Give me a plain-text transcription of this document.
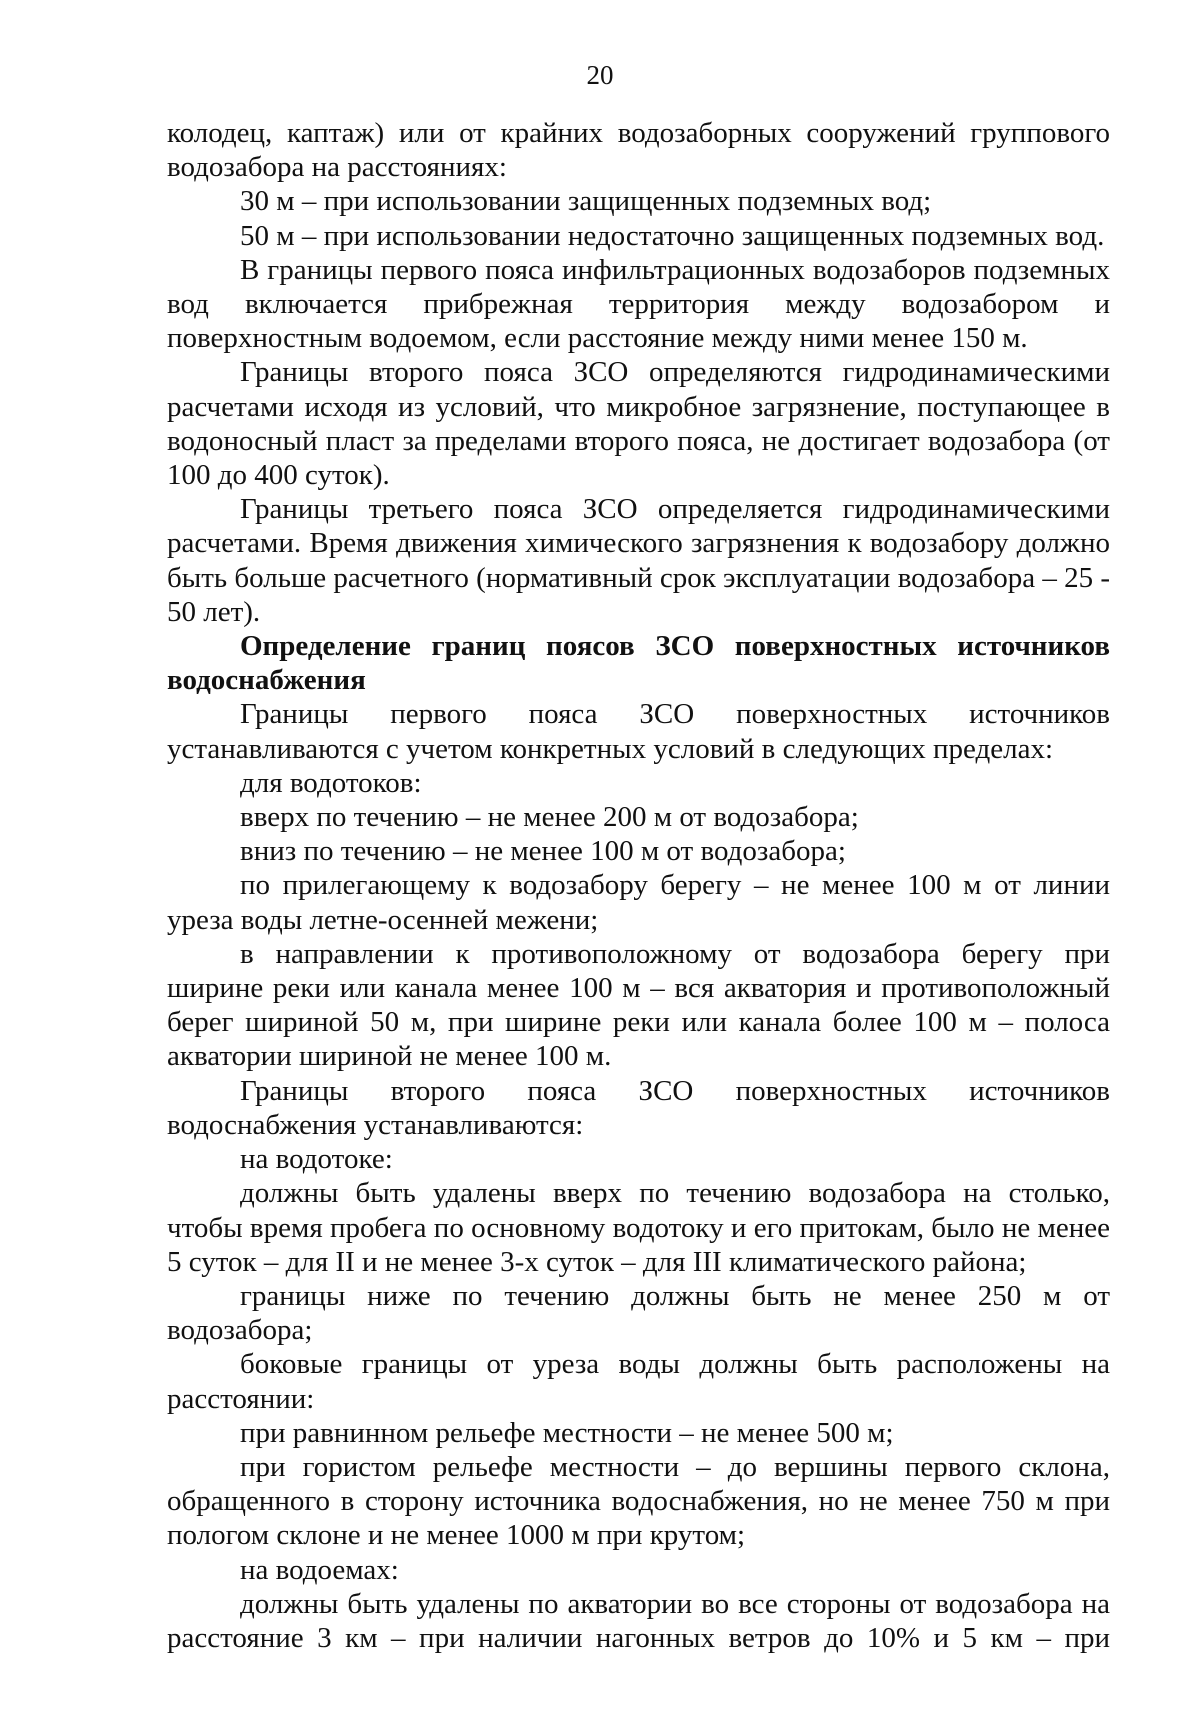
20

колодец, каптаж) или от крайних водозаборных сооружений группового водозабора на расстояниях:

30 м – при использовании защищенных подземных вод;

50 м – при использовании недостаточно защищенных подземных вод.

В границы первого пояса инфильтрационных водозаборов подземных вод включается прибрежная территория между водозабором и поверхностным водоемом, если расстояние между ними менее 150 м.

Границы второго пояса ЗСО определяются гидродинамическими расчетами исходя из условий, что микробное загрязнение, поступающее в водоносный пласт за пределами второго пояса, не достигает водозабора (от 100 до 400 суток).

Границы третьего пояса ЗСО определяется гидродинамическими расчетами. Время движения химического загрязнения к водозабору должно быть больше расчетного (нормативный срок эксплуатации водозабора – 25 - 50 лет).

Определение границ поясов ЗСО поверхностных источников водоснабжения

Границы первого пояса ЗСО поверхностных источников устанавливаются с учетом конкретных условий в следующих пределах:

для водотоков:

вверх по течению – не менее 200 м от водозабора;

вниз по течению – не менее 100 м от водозабора;

по прилегающему к водозабору берегу – не менее 100 м от линии уреза воды летне-осенней межени;

в направлении к противоположному от водозабора берегу при ширине реки или канала менее 100 м – вся акватория и противоположный берег шириной 50 м, при ширине реки или канала более 100 м – полоса акватории шириной не менее 100 м.

Границы второго пояса ЗСО поверхностных источников водоснабжения устанавливаются:

на водотоке:

должны быть удалены вверх по течению водозабора на столько, чтобы время пробега по основному водотоку и его притокам, было не менее 5 суток – для II и не менее 3-х суток – для III климатического района;

границы ниже по течению должны быть не менее 250 м от водозабора;

боковые границы от уреза воды должны быть расположены на расстоянии:

при равнинном рельефе местности – не менее 500 м;

при гористом рельефе местности – до вершины первого склона, обращенного в сторону источника водоснабжения, но не менее 750 м при пологом склоне и не менее 1000 м при крутом;

на водоемах:

должны быть удалены по акватории во все стороны от водозабора на расстояние 3 км – при наличии нагонных ветров до 10% и 5 км – при
